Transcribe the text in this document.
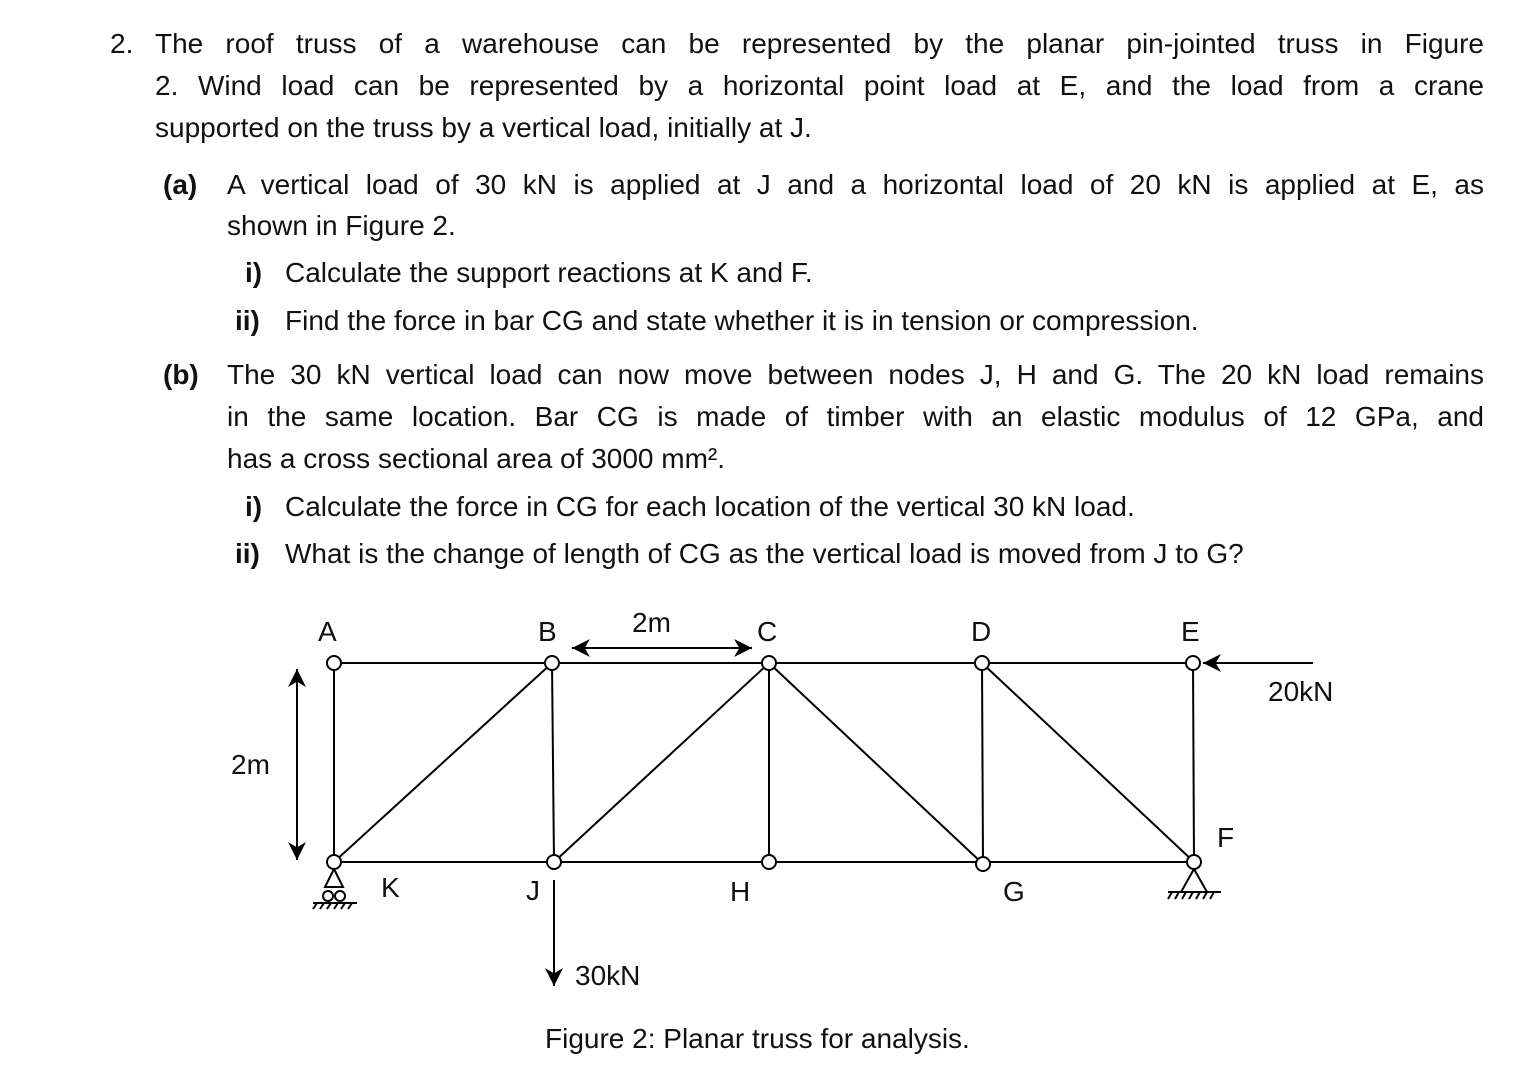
2. The roof truss of a warehouse can be represented by the planar pin-jointed truss in Figure
2. Wind load can be represented by a horizontal point load at E, and the load from a crane
supported on the truss by a vertical load, initially at J.
(a) A vertical load of 30 kN is applied at J and a horizontal load of 20 kN is applied at E, as
shown in Figure 2.
i) Calculate the support reactions at K and F.
ii) Find the force in bar CG and state whether it is in tension or compression.
(b) The 30 kN vertical load can now move between nodes J, H and G. The 20 kN load remains
in the same location. Bar CG is made of timber with an elastic modulus of 12 GPa, and
has a cross sectional area of 3000 mm².
i) Calculate the force in CG for each location of the vertical 30 kN load.
ii) What is the change of length of CG as the vertical load is moved from J to G?
A	B	C	D	E
F
G
H
J
K
2m
2m
20kN
30kN
Figure 2: Planar truss for analysis.
